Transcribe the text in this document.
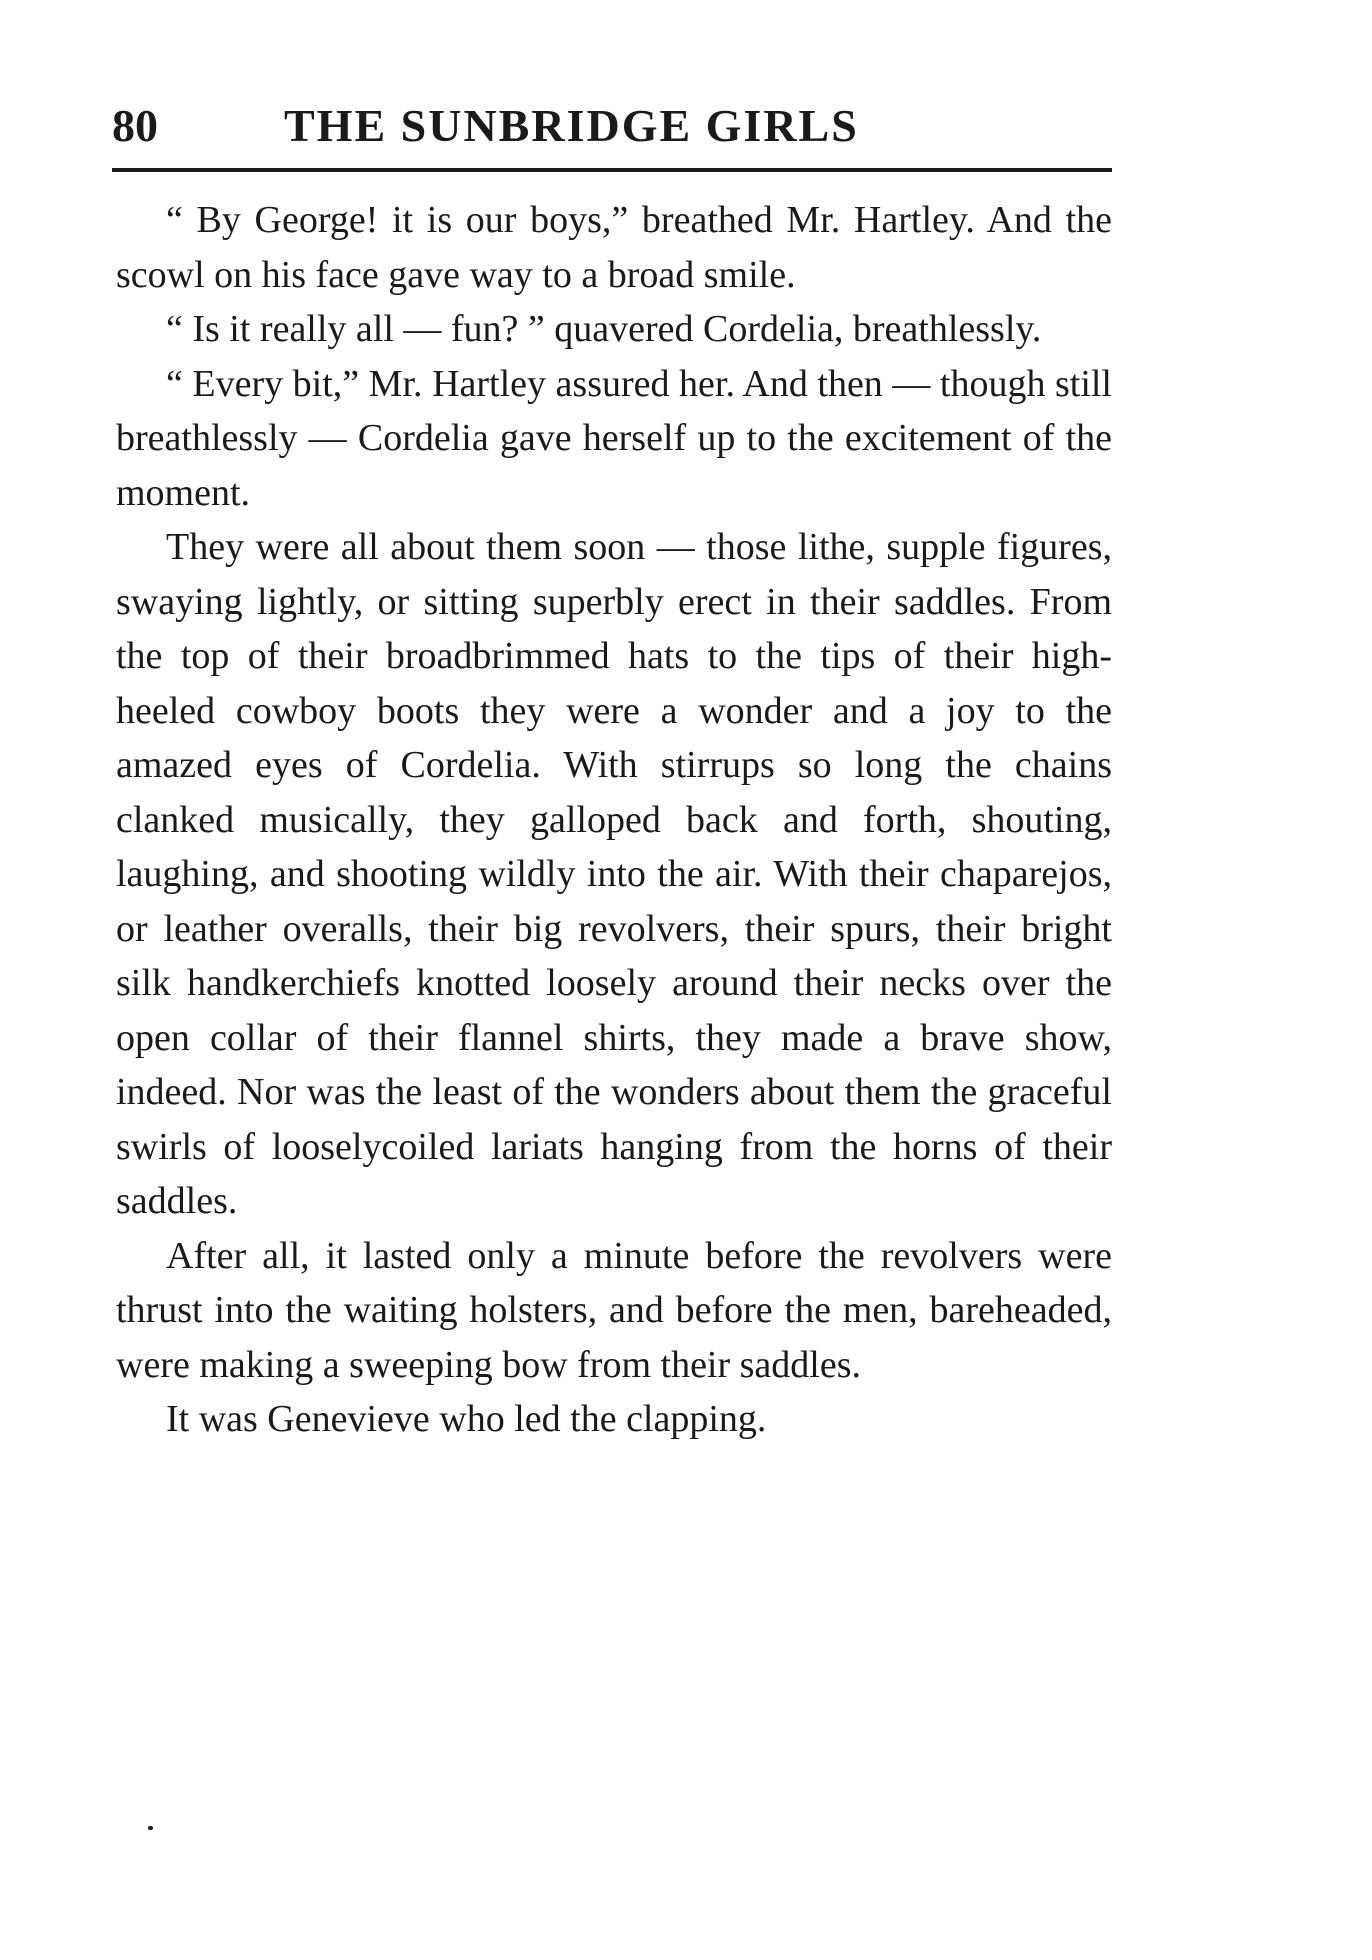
80	THE SUNBRIDGE GIRLS

“ By George! it is our boys,” breathed Mr. Hartley. And the scowl on his face gave way to a broad smile.

“ Is it really all — fun? ” quavered Cordelia, breathlessly.

“ Every bit,” Mr. Hartley assured her. And then — though still breathlessly — Cordelia gave herself up to the excitement of the moment.

They were all about them soon — those lithe, supple figures, swaying lightly, or sitting superbly erect in their saddles. From the top of their broadbrimmed hats to the tips of their high-heeled cowboy boots they were a wonder and a joy to the amazed eyes of Cordelia. With stirrups so long the chains clanked musically, they galloped back and forth, shouting, laughing, and shooting wildly into the air. With their chaparejos, or leather overalls, their big revolvers, their spurs, their bright silk handkerchiefs knotted loosely around their necks over the open collar of their flannel shirts, they made a brave show, indeed. Nor was the least of the wonders about them the graceful swirls of looselycoiled lariats hanging from the horns of their saddles.

After all, it lasted only a minute before the revolvers were thrust into the waiting holsters, and before the men, bareheaded, were making a sweeping bow from their saddles.

It was Genevieve who led the clapping.
